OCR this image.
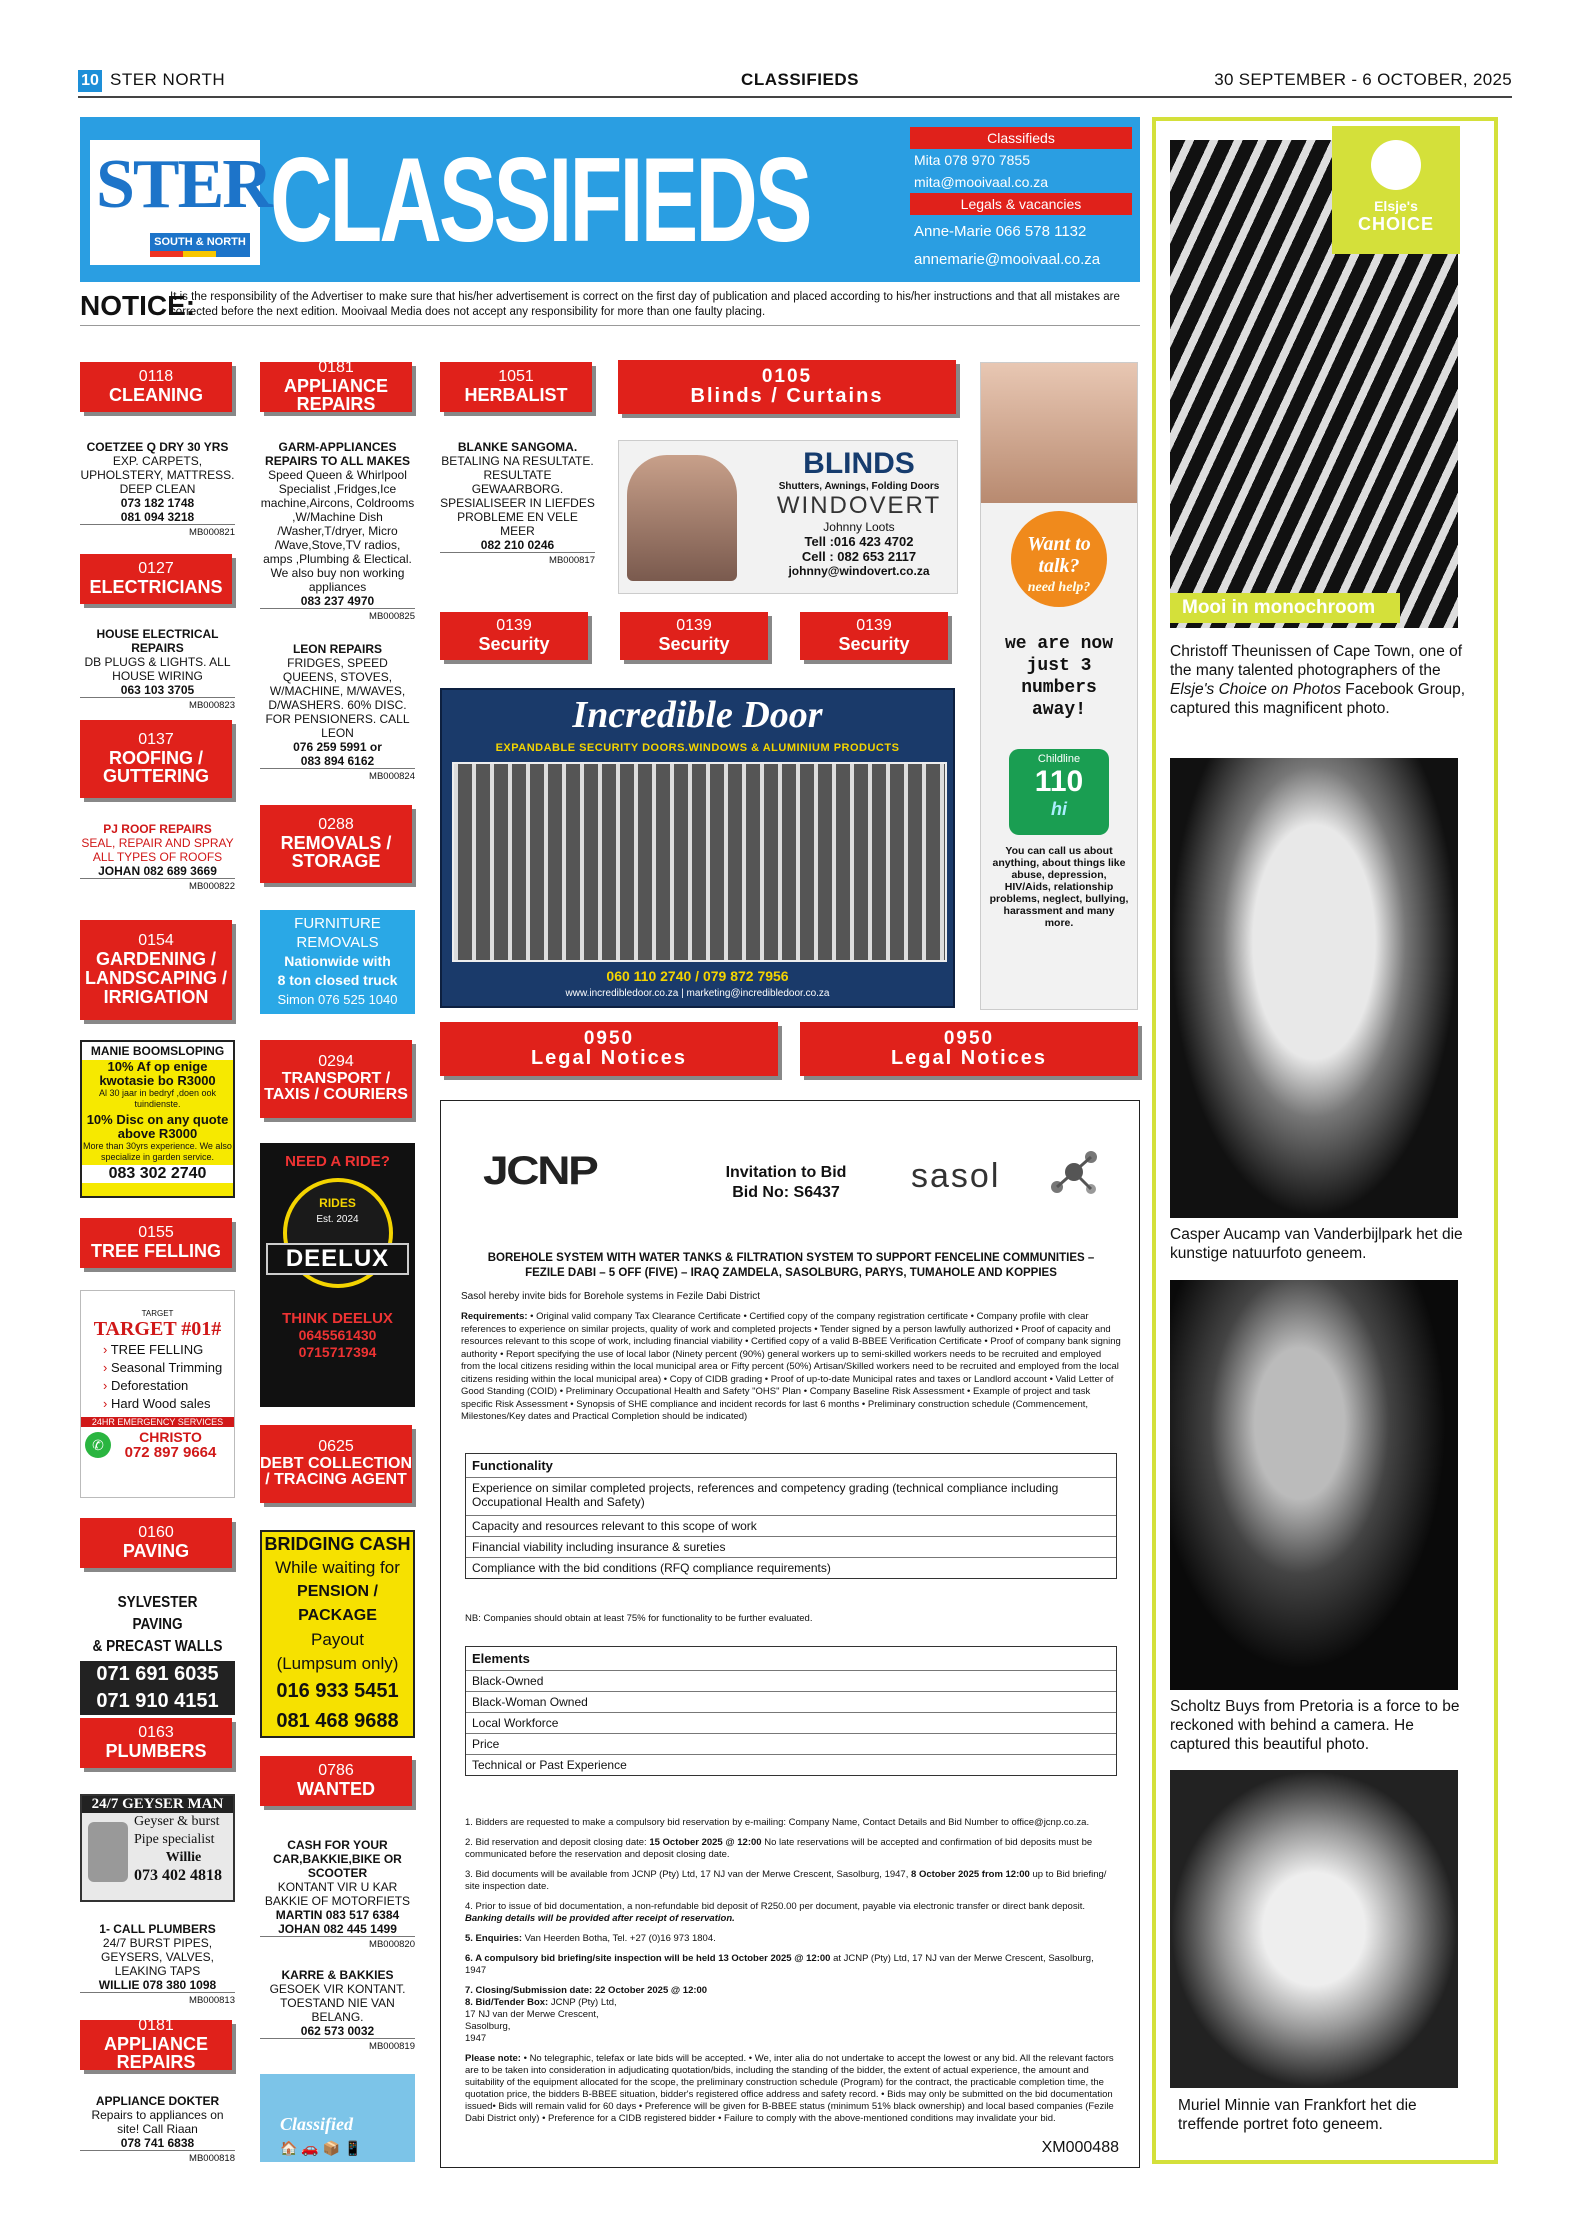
10 STER NORTH	CLASSIFIEDS	30 SEPTEMBER - 6 OCTOBER, 2025
STER
SOUTH & NORTH CLASSIFIEDS	Classifieds
Mita 078 970 7855
mita@mooivaal.co.za
Legals & vacancies
Anne-Marie 066 578 1132
annemarie@mooivaal.co.za
NOTICE:
It is the responsibility of the Advertiser to make sure that his/her advertisement is correct on the first day of publication and placed according to his/her instructions and that all mistakes are corrected before the next edition. Mooivaal Media does not accept any responsibility for more than one faulty placing.
0118
CLEANING
COETZEE Q DRY 30 YRS
EXP. CARPETS, UPHOLSTERY, MATTRESS. DEEP CLEAN
073 182 1748
081 094 3218
MB000821
0127
ELECTRICIANS
HOUSE ELECTRICAL REPAIRS
DB PLUGS & LIGHTS. ALL HOUSE WIRING
063 103 3705
MB000823
0137
ROOFING / GUTTERING
PJ ROOF REPAIRS
SEAL, REPAIR AND SPRAY ALL TYPES OF ROOFS
JOHAN 082 689 3669
MB000822
0154
GARDENING / LANDSCAPING / IRRIGATION
MANIE BOOMSLOPING
10% Af op enige kwotasie bo R3000
Al 30 jaar in bedryf ,doen ook tuindienste.
10% Disc on any quote above R3000
More than 30yrs experience. We also specialize in garden service.
083 302 2740
0155
TREE FELLING
TARGET
TARGET #01#
› TREE FELLING
› Seasonal Trimming
› Deforestation
› Hard Wood sales
24HR EMERGENCY SERVICES
✆	CHRISTO
072 897 9664
0160
PAVING
SYLVESTER PAVING
& PRECAST WALLS
071 691 6035
071 910 4151
0163
PLUMBERS
24/7 GEYSER MAN
Geyser & burst
Pipe specialist
Willie
073 402 4818
1- CALL PLUMBERS
24/7 BURST PIPES, GEYSERS, VALVES, LEAKING TAPS
WILLIE 078 380 1098
MB000813
0181
APPLIANCE REPAIRS
APPLIANCE DOKTER
Repairs to appliances on site! Call Riaan
078 741 6838
MB000818
0181
APPLIANCE REPAIRS
GARM-APPLIANCES REPAIRS TO ALL MAKES
Speed Queen & Whirlpool Specialist ,Fridges,Ice machine,Aircons, Coldrooms ,W/Machine Dish /Washer,T/dryer, Micro /Wave,Stove,TV radios, amps ,Plumbing & Electical. We also buy non working appliances
083 237 4970
MB000825
LEON REPAIRS
FRIDGES, SPEED QUEENS, STOVES, W/MACHINE, M/WAVES, D/WASHERS. 60% DISC. FOR PENSIONERS. CALL LEON
076 259 5991 or
083 894 6162
MB000824
0288
REMOVALS / STORAGE
FURNITURE
REMOVALS
Nationwide with
8 ton closed truck
Simon 076 525 1040
0294
TRANSPORT / TAXIS / COURIERS
NEED A RIDE?
RIDES
Est. 2024
DEELUX
THINK DEELUX
0645561430
0715717394
0625
DEBT COLLECTION / TRACING AGENT
BRIDGING CASH
While waiting for
PENSION / PACKAGE
Payout
(Lumpsum only)
016 933 5451
081 468 9688
0786
WANTED
CASH FOR YOUR CAR,BAKKIE,BIKE OR SCOOTER
KONTANT VIR U KAR BAKKIE OF MOTORFIETS
MARTIN 083 517 6384
JOHAN 082 445 1499
MB000820
KARRE & BAKKIES
GESOEK VIR KONTANT. TOESTAND NIE VAN BELANG.
062 573 0032
MB000819
Classified
🏠🚗📦📱
1051
HERBALIST
BLANKE SANGOMA.
BETALING NA RESULTATE. RESULTATE GEWAARBORG. SPESIALISEER IN LIEFDES PROBLEME EN VELE MEER
082 210 0246
MB000817
0105
Blinds / Curtains
BLINDS
Shutters, Awnings, Folding Doors
WINDOVERT
Johnny Loots
Tell :016 423 4702
Cell : 082 653 2117
johnny@windovert.co.za
0139
Security
0139
Security
0139
Security
Incredible Door
EXPANDABLE SECURITY DOORS.WINDOWS & ALUMINIUM PRODUCTS
060 110 2740 / 079 872 7956
www.incredibledoor.co.za | marketing@incredibledoor.co.za
0950
Legal Notices
0950
Legal Notices
Want to talk?
need help?
we are now just 3 numbers away!
Childline
110
hi
You can call us about anything, about things like abuse, depression, HIV/Aids, relationship problems, neglect, bullying, harassment and many more.
JCNP	Invitation to Bid
Bid No: S6437	sasol
BOREHOLE SYSTEM WITH WATER TANKS & FILTRATION SYSTEM TO SUPPORT FENCELINE COMMUNITIES – FEZILE DABI – 5 OFF (FIVE) – IRAQ ZAMDELA, SASOLBURG, PARYS, TUMAHOLE AND KOPPIES
Sasol hereby invite bids for Borehole systems in Fezile Dabi District
Requirements: • Original valid company Tax Clearance Certificate • Certified copy of the company registration certificate • Company profile with clear references to experience on similar projects, quality of work and completed projects • Tender signed by a person lawfully authorized • Proof of capacity and resources relevant to this scope of work, including financial viability • Certified copy of a valid B-BBEE Verification Certificate • Proof of company bank signing authority • Report specifying the use of local labor (Ninety percent (90%) general workers up to semi-skilled workers needs to be recruited and employed from the local citizens residing within the local municipal area or Fifty percent (50%) Artisan/Skilled workers need to be recruited and employed from the local citizens residing within the local municipal area) • Copy of CIDB grading • Proof of up-to-date Municipal rates and taxes or Landlord account • Valid Letter of Good Standing (COID) • Preliminary Occupational Health and Safety "OHS" Plan • Company Baseline Risk Assessment • Example of project and task specific Risk Assessment • Synopsis of SHE compliance and incident records for last 6 months • Preliminary construction schedule (Commencement, Milestones/Key dates and Practical Completion should be indicated)
Functionality
Experience on similar completed projects, references and competency grading (technical compliance including Occupational Health and Safety)
Capacity and resources relevant to this scope of work
Financial viability including insurance & sureties
Compliance with the bid conditions (RFQ compliance requirements)
NB: Companies should obtain at least 75% for functionality to be further evaluated.
Elements
Black-Owned
Black-Woman Owned
Local Workforce
Price
Technical or Past Experience

1. Bidders are requested to make a compulsory bid reservation by e-mailing: Company Name, Contact Details and Bid Number to office@jcnp.co.za.

2. Bid reservation and deposit closing date: 15 October 2025 @ 12:00 No late reservations will be accepted and confirmation of bid deposits must be communicated before the reservation and deposit closing date.

3. Bid documents will be available from JCNP (Pty) Ltd, 17 NJ van der Merwe Crescent, Sasolburg, 1947, 8 October 2025 from 12:00 up to Bid briefing/ site inspection date.

4. Prior to issue of bid documentation, a non-refundable bid deposit of R250.00 per document, payable via electronic transfer or direct bank deposit. Banking details will be provided after receipt of reservation.

5. Enquiries: Van Heerden Botha, Tel. +27 (0)16 973 1804.

6. A compulsory bid briefing/site inspection will be held 13 October 2025 @ 12:00 at JCNP (Pty) Ltd, 17 NJ van der Merwe Crescent, Sasolburg, 1947

7. Closing/Submission date: 22 October 2025 @ 12:00

8. Bid/Tender Box: JCNP (Pty) Ltd,

17 NJ van der Merwe Crescent,

Sasolburg,

1947

Please note: • No telegraphic, telefax or late bids will be accepted. • We, inter alia do not undertake to accept the lowest or any bid. All the relevant factors are to be taken into consideration in adjudicating quotation/bids, including the standing of the bidder, the extent of actual experience, the amount and suitability of the equipment allocated for the scope, the preliminary construction schedule (Program) for the contract, the practicable completion time, the quotation price, the bidders B-BBEE situation, bidder's registered office address and safety record. • Bids may only be submitted on the bid documentation issued• Bids will remain valid for 60 days • Preference will be given for B-BBEE status (minimum 51% black ownership) and local based companies (Fezile Dabi District only) • Preference for a CIDB registered bidder • Failure to comply with the above-mentioned conditions may invalidate your bid.

XM000488
Elsje's
CHOICE
Mooi in monochroom
Christoff Theunissen of Cape Town, one of the many talented photographers of the Elsje's Choice on Photos Facebook Group, captured this magnificent photo.
Casper Aucamp van Vanderbijlpark het die kunstige natuurfoto geneem.
Scholtz Buys from Pretoria is a force to be reckoned with behind a camera. He captured this beautiful photo.
Muriel Minnie van Frankfort het die treffende portret foto geneem.
